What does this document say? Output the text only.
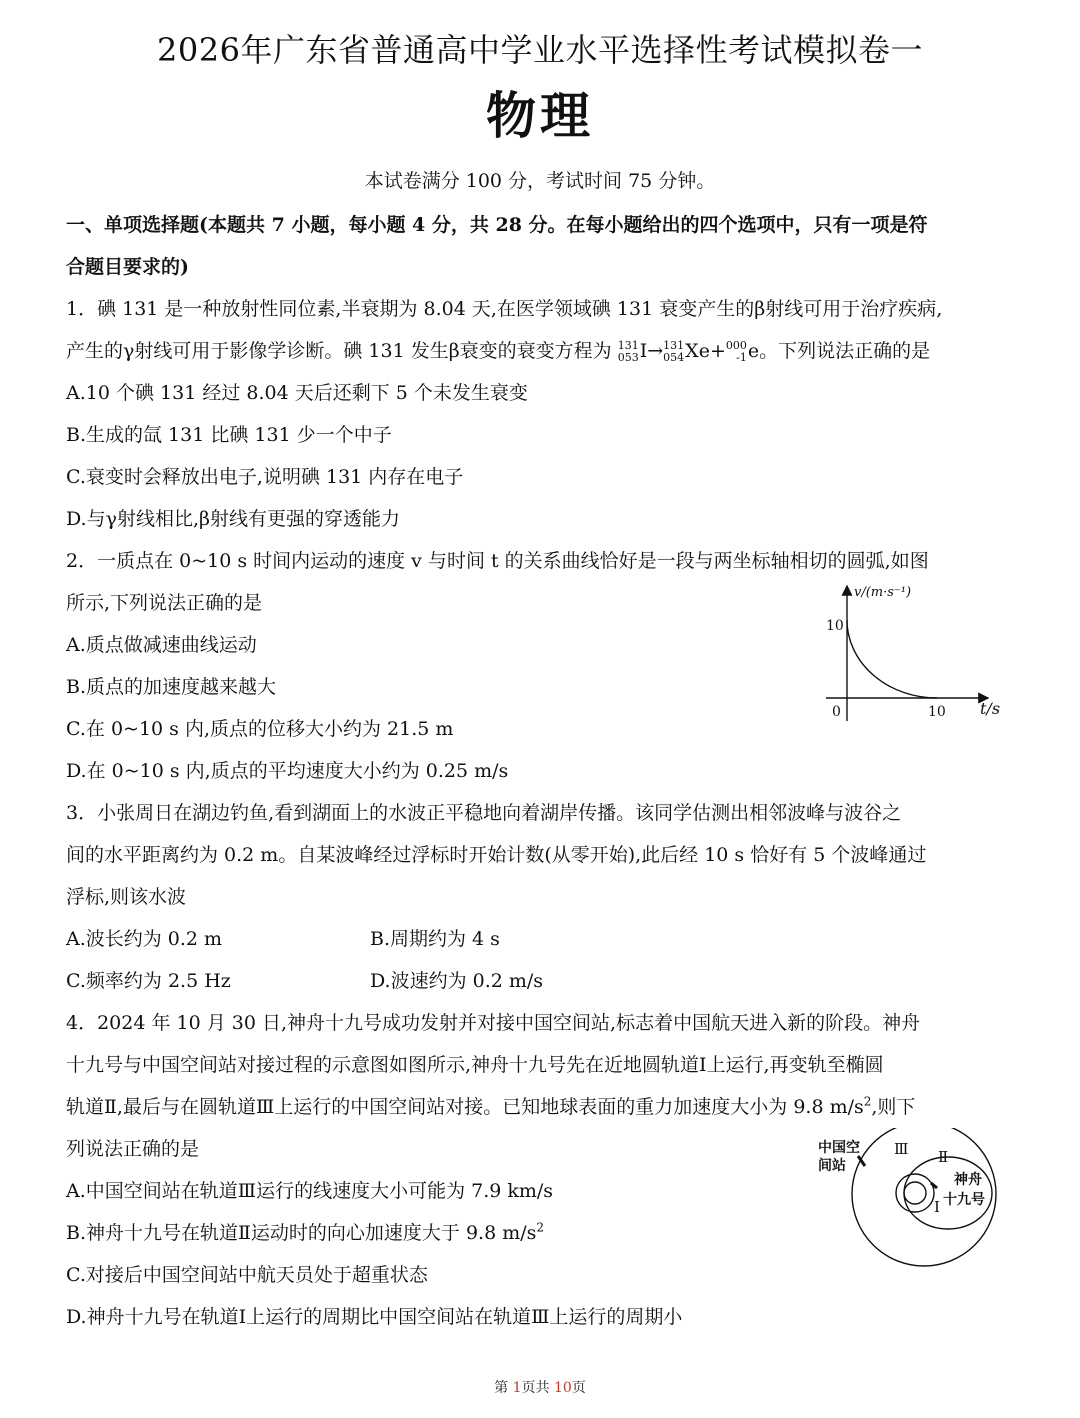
2026年广东省普通高中学业水平选择性考试模拟卷一
物理
本试卷满分 100 分，考试时间 75 分钟。
一、单项选择题(本题共 7 小题，每小题 4 分，共 28 分。在每小题给出的四个选项中，只有一项是符
合题目要求的)
1．碘 131 是一种放射性同位素,半衰期为 8.04 天,在医学领域碘 131 衰变产生的β射线可用于治疗疾病,
产生的γ射线可用于影像学诊断。碘 131 发生β衰变的衰变方程为 131
053 I→ 131
054 Xe+ 000
-1 e。下列说法正确的是
A.10 个碘 131 经过 8.04 天后还剩下 5 个未发生衰变
B.生成的氙 131 比碘 131 少一个中子
C.衰变时会释放出电子,说明碘 131 内存在电子
D.与γ射线相比,β射线有更强的穿透能力
2．一质点在 0~10 s 时间内运动的速度 v 与时间 t 的关系曲线恰好是一段与两坐标轴相切的圆弧,如图
所示,下列说法正确的是
A.质点做减速曲线运动
B.质点的加速度越来越大
C.在 0~10 s 内,质点的位移大小约为 21.5 m
D.在 0~10 s 内,质点的平均速度大小约为 0.25 m/s
3．小张周日在湖边钓鱼,看到湖面上的水波正平稳地向着湖岸传播。该同学估测出相邻波峰与波谷之
间的水平距离约为 0.2 m。自某波峰经过浮标时开始计数(从零开始),此后经 10 s 恰好有 5 个波峰通过
浮标,则该水波
A.波长约为 0.2 m	B.周期约为 4 s
C.频率约为 2.5 Hz	D.波速约为 0.2 m/s
4．2024 年 10 月 30 日,神舟十九号成功发射并对接中国空间站,标志着中国航天进入新的阶段。神舟
十九号与中国空间站对接过程的示意图如图所示,神舟十九号先在近地圆轨道Ⅰ上运行,再变轨至椭圆
轨道Ⅱ,最后与在圆轨道Ⅲ上运行的中国空间站对接。已知地球表面的重力加速度大小为 9.8 $m/s^2$,则下
列说法正确的是
A.中国空间站在轨道Ⅲ运行的线速度大小可能为 7.9 km/s
B.神舟十九号在轨道Ⅱ运动时的向心加速度大于 9.8 $m/s^2$
C.对接后中国空间站中航天员处于超重状态
D.神舟十九号在轨道Ⅰ上运行的周期比中国空间站在轨道Ⅲ上运行的周期小
v/(m·s⁻¹)
t/s
10
10
0
中国空
间站
Ⅲ Ⅱ
Ⅰ
神舟
十九号
第 1页共 10页
